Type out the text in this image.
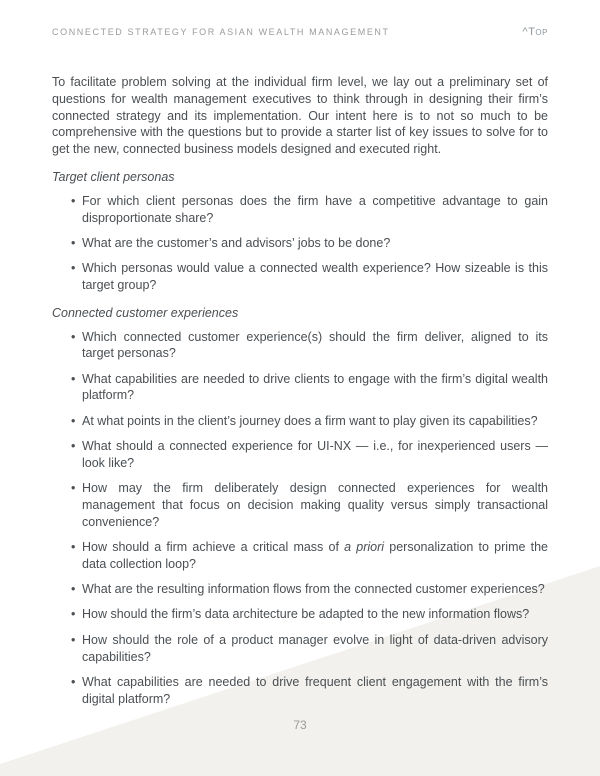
CONNECTED STRATEGY FOR ASIAN WEALTH MANAGEMENT	^Top

To facilitate problem solving at the individual firm level, we lay out a preliminary set of questions for wealth management executives to think through in designing their firm’s connected strategy and its implementation. Our intent here is to not so much to be comprehensive with the questions but to provide a starter list of key issues to solve for to get the new, connected business models designed and executed right.

Target client personas
• For which client personas does the firm have a competitive advantage to gain disproportionate share?
• What are the customer’s and advisors’ jobs to be done?
• Which personas would value a connected wealth experience? How sizeable is this target group?
Connected customer experiences
• Which connected customer experience(s) should the firm deliver, aligned to its target personas?
• What capabilities are needed to drive clients to engage with the firm’s digital wealth platform?
• At what points in the client’s journey does a firm want to play given its capabilities?
• What should a connected experience for UI-NX — i.e., for inexperienced users — look like?
• How may the firm deliberately design connected experiences for wealth management that focus on decision making quality versus simply transactional convenience?
• How should a firm achieve a critical mass of a priori personalization to prime the data collection loop?
• What are the resulting information flows from the connected customer experiences?
• How should the firm’s data architecture be adapted to the new information flows?
• How should the role of a product manager evolve in light of data-driven advisory capabilities?
• What capabilities are needed to drive frequent client engagement with the firm’s digital platform?
73
